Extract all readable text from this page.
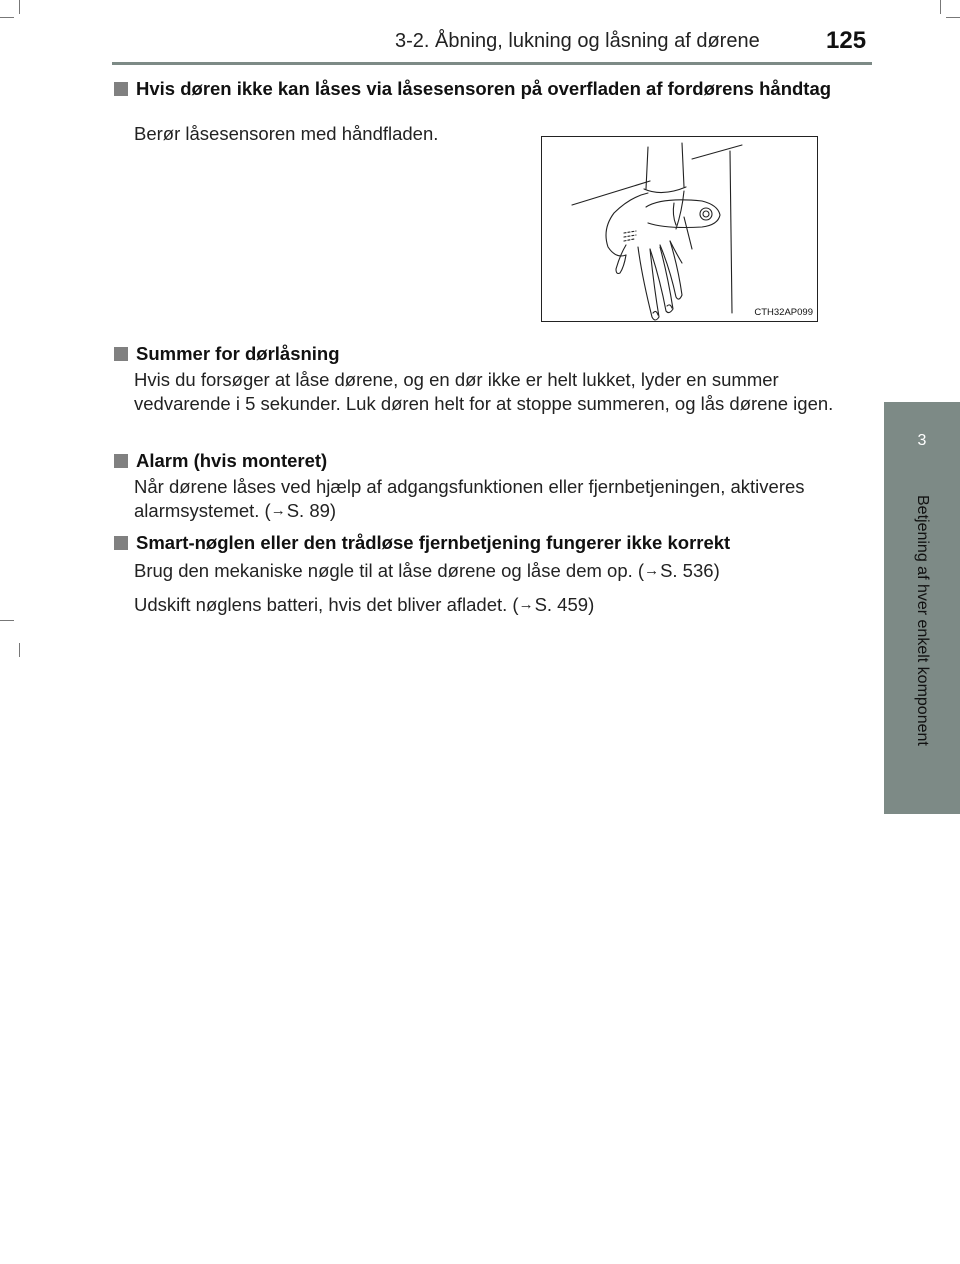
3-2. Åbning, lukning og låsning af dørene	125
3
Betjening af hver enkelt komponent
Hvis døren ikke kan låses via låsesensoren på overfladen af fordørens håndtag
Berør låsesensoren med håndfladen.
CTH32AP099
Summer for dørlåsning
Hvis du forsøger at låse dørene, og en dør ikke er helt lukket, lyder en summer vedvarende i 5 sekunder. Luk døren helt for at stoppe summeren, og lås dørene igen.
Alarm (hvis monteret)
Når dørene låses ved hjælp af adgangsfunktionen eller fjernbetjeningen, aktiveres alarmsystemet. (→S. 89)
Smart-nøglen eller den trådløse fjernbetjening fungerer ikke korrekt
Brug den mekaniske nøgle til at låse dørene og låse dem op. (→S. 536)
Udskift nøglens batteri, hvis det bliver afladet. (→S. 459)
